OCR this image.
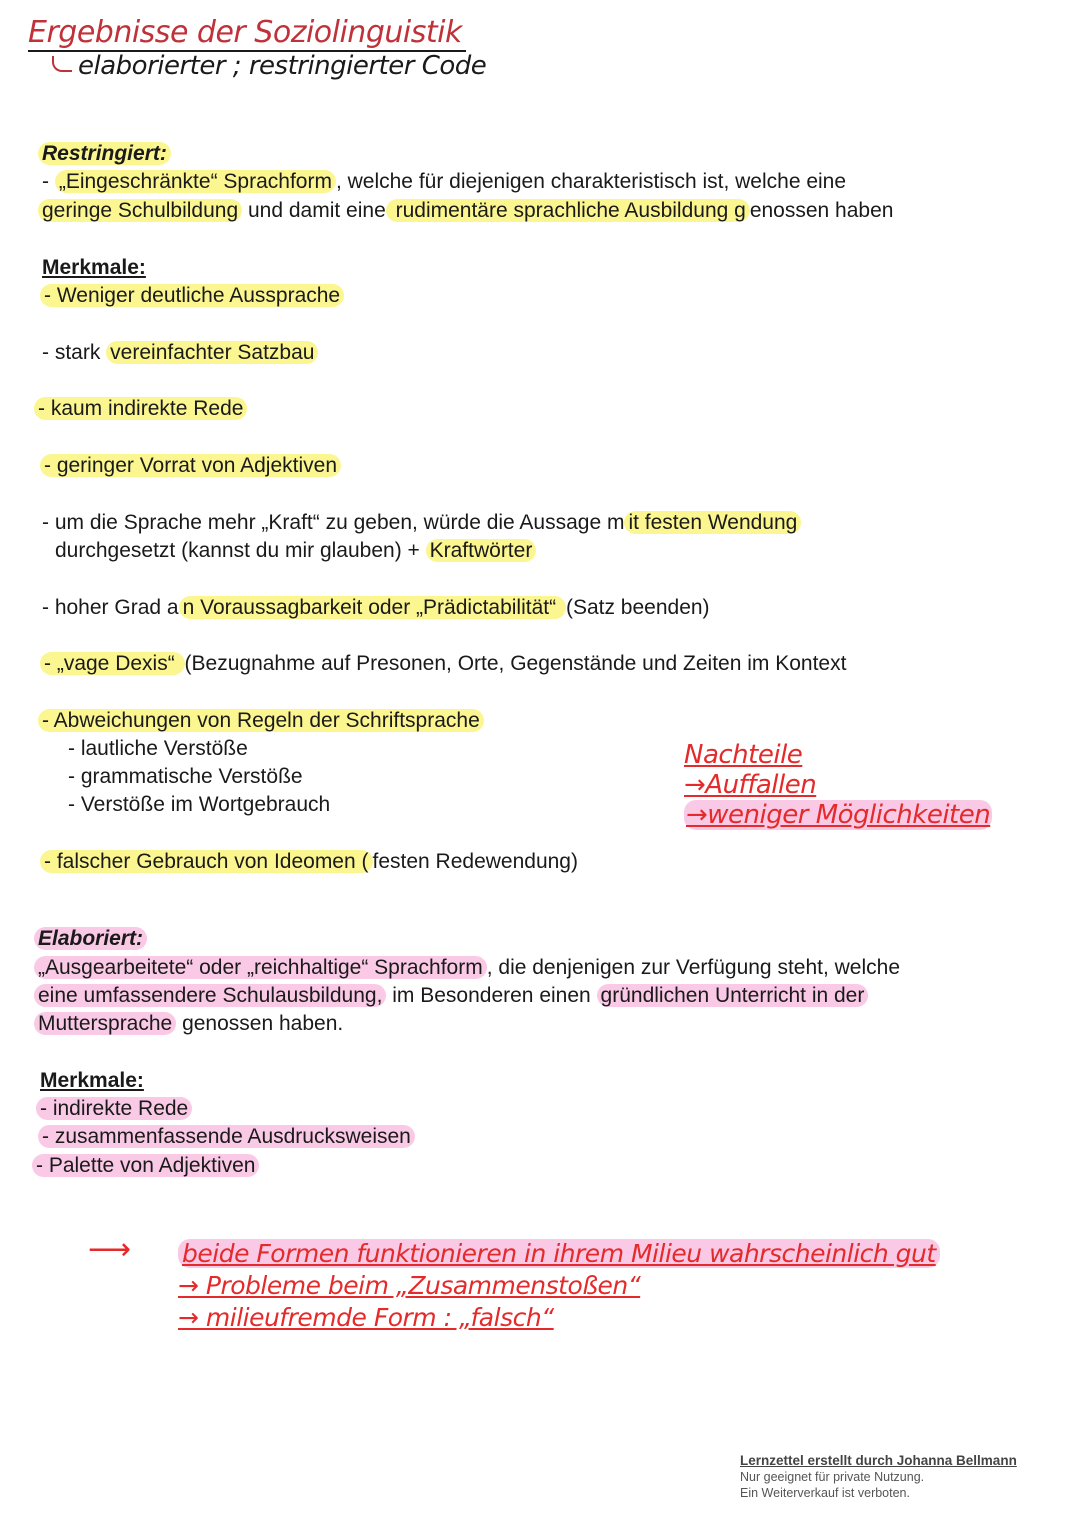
Ergebnisse der Soziolinguistik
elaborierter ; restringierter Code
Restringiert:
- „Eingeschränkte“ Sprachform , welche für diejenigen charakteristisch ist, welche eine
geringe Schulbildung und damit eine rudimentäre sprachliche Ausbildung g enossen haben
Merkmale:
- Weniger deutliche Aussprache
- stark vereinfachter Satzbau
- kaum indirekte Rede
- geringer Vorrat von Adjektiven
- um die Sprache mehr „Kraft“ zu geben, würde die Aussage m it festen Wendung
durchgesetzt (kannst du mir glauben) + Kraftwörter
- hoher Grad a n Voraussagbarkeit oder „Prädictabilität“ (Satz beenden)
- „vage Dexis“ (Bezugnahme auf Presonen, Orte, Gegenstände und Zeiten im Kontext
- Abweichungen von Regeln der Schriftsprache
- lautliche Verstöße
- grammatische Verstöße
- Verstöße im Wortgebrauch
- falscher Gebrauch von Ideomen ( festen Redewendung)
Nachteile
→Auffallen
→weniger Möglichkeiten
Elaboriert:
„Ausgearbeitete“ oder „reichhaltige“ Sprachform , die denjenigen zur Verfügung steht, welche
eine umfassendere Schulausbildung, im Besonderen einen gründlichen Unterricht in der
Muttersprache genossen haben.
Merkmale:
- indirekte Rede
- zusammenfassende Ausdrucksweisen
- Palette von Adjektiven
⟶ beide Formen funktionieren in ihrem Milieu wahrscheinlich gut
→ Probleme beim „Zusammenstoßen“
→ milieufremde Form : „falsch“
Lernzettel erstellt durch Johanna Bellmann
Nur geeignet für private Nutzung.
Ein Weiterverkauf ist verboten.
